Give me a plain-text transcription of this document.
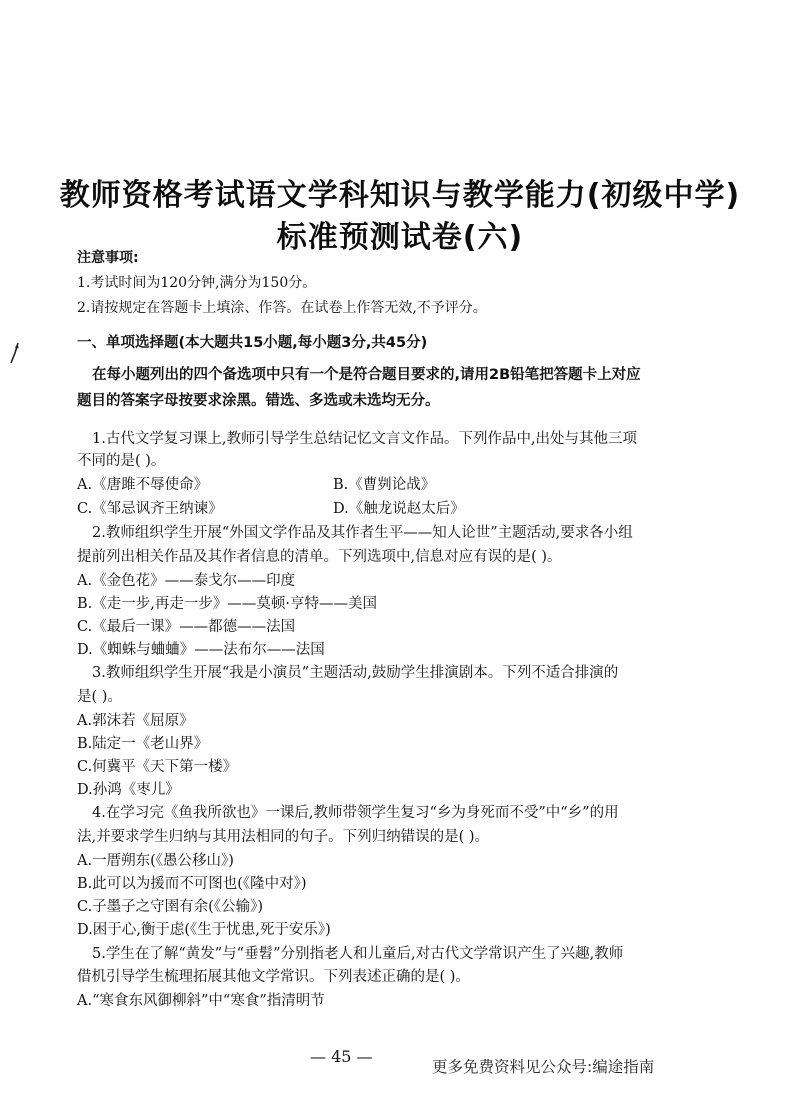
教师资格考试语文学科知识与教学能力(初级中学)
标准预测试卷(六)
注意事项:
1.考试时间为120分钟,满分为150分。
2.请按规定在答题卡上填涂、作答。在试卷上作答无效,不予评分。
一、单项选择题(本大题共15小题,每小题3分,共45分)
在每小题列出的四个备选项中只有一个是符合题目要求的,请用2B铅笔把答题卡上对应
题目的答案字母按要求涂黑。错选、多选或未选均无分。
1.古代文学复习课上,教师引导学生总结记忆文言文作品。下列作品中,出处与其他三项
不同的是( )。
A.《唐雎不辱使命》	B.《曹刿论战》
C.《邹忌讽齐王纳谏》	D.《触龙说赵太后》
2.教师组织学生开展“外国文学作品及其作者生平——知人论世”主题活动,要求各小组
提前列出相关作品及其作者信息的清单。下列选项中,信息对应有误的是( )。
A.《金色花》——泰戈尔——印度
B.《走一步,再走一步》——莫顿·亨特——美国
C.《最后一课》——都德——法国
D.《蜘蛛与蛐蛐》——法布尔——法国
3.教师组织学生开展“我是小演员”主题活动,鼓励学生排演剧本。下列不适合排演的
是( )。
A.郭沫若《屈原》
B.陆定一《老山界》
C.何冀平《天下第一楼》
D.孙鸿《枣儿》
4.在学习完《鱼我所欲也》一课后,教师带领学生复习“乡为身死而不受”中“乡”的用
法,并要求学生归纳与其用法相同的句子。下列归纳错误的是( )。
A.一厝朔东(《愚公移山》)
B.此可以为援而不可图也(《隆中对》)
C.子墨子之守圉有余(《公输》)
D.困于心,衡于虑(《生于忧患,死于安乐》)
5.学生在了解“黄发”与“垂髫”分别指老人和儿童后,对古代文学常识产生了兴趣,教师
借机引导学生梳理拓展其他文学常识。下列表述正确的是( )。
A.“寒食东风御柳斜”中“寒食”指清明节
— 45 —
更多免费资料见公众号:编途指南
